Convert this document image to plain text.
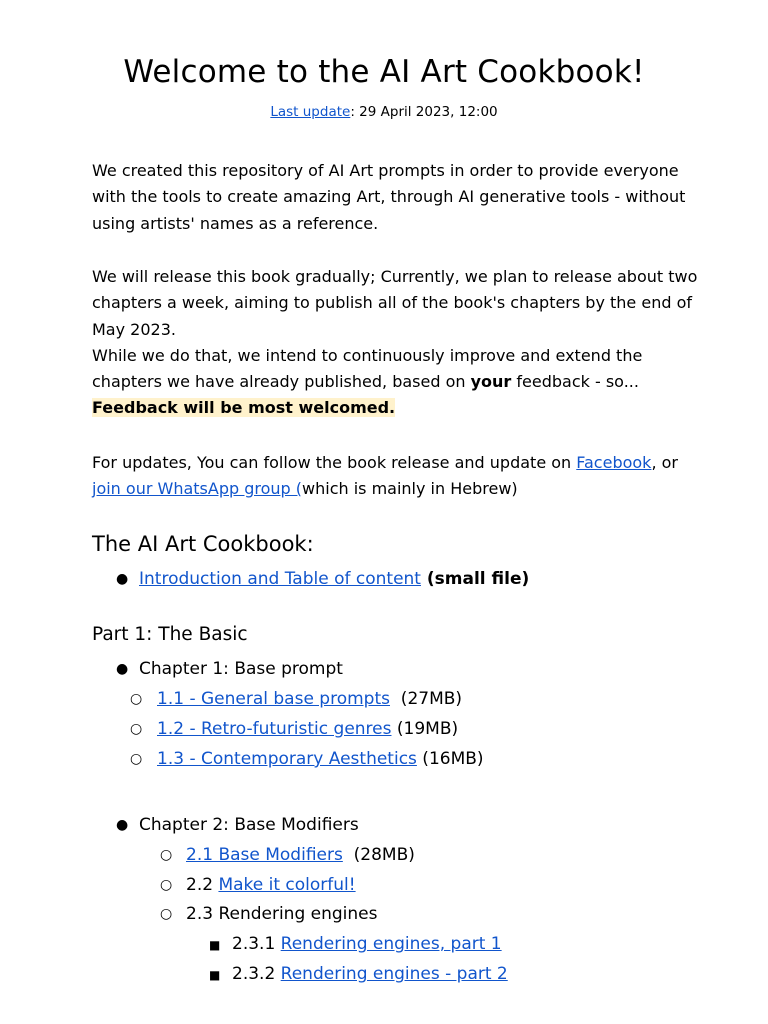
Welcome to the AI Art Cookbook!
Last update: 29 April 2023, 12:00

We created this repository of AI Art prompts in order to provide everyone with the tools to create amazing Art, through AI generative tools - without using artists' names as a reference.

We will release this book gradually; Currently, we plan to release about two chapters a week, aiming to publish all of the book's chapters by the end of May 2023.
While we do that, we intend to continuously improve and extend the chapters we have already published, based on your feedback - so...
Feedback will be most welcomed.

For updates, You can follow the book release and update on Facebook, or join our WhatsApp group (which is mainly in Hebrew)

The AI Art Cookbook:
● Introduction and Table of content (small file)
Part 1: The Basic
● Chapter 1: Base prompt
○ 1.1 - General base prompts  (27MB)
○ 1.2 - Retro-futuristic genres (19MB)
○ 1.3 - Contemporary Aesthetics (16MB)
● Chapter 2: Base Modifiers
○ 2.1 Base Modifiers  (28MB)
○ 2.2 Make it colorful!
○ 2.3 Rendering engines
■ 2.3.1 Rendering engines, part 1
■ 2.3.2 Rendering engines - part 2
